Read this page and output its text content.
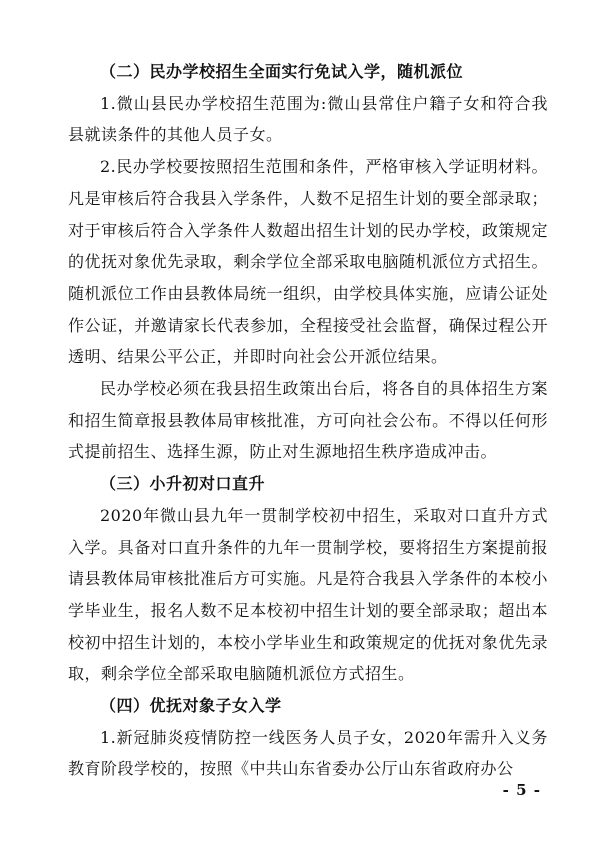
（二）民办学校招生全面实行免试入学，随机派位

1.微山县民办学校招生范围为:微山县常住户籍子女和符合我县就读条件的其他人员子女。

2.民办学校要按照招生范围和条件，严格审核入学证明材料。凡是审核后符合我县入学条件，人数不足招生计划的要全部录取；对于审核后符合入学条件人数超出招生计划的民办学校，政策规定的优抚对象优先录取，剩余学位全部采取电脑随机派位方式招生。随机派位工作由县教体局统一组织，由学校具体实施，应请公证处作公证，并邀请家长代表参加，全程接受社会监督，确保过程公开透明、结果公平公正，并即时向社会公开派位结果。

民办学校必须在我县招生政策出台后，将各自的具体招生方案和招生简章报县教体局审核批准，方可向社会公布。不得以任何形式提前招生、选择生源，防止对生源地招生秩序造成冲击。

（三）小升初对口直升

2020年微山县九年一贯制学校初中招生，采取对口直升方式入学。具备对口直升条件的九年一贯制学校，要将招生方案提前报请县教体局审核批准后方可实施。凡是符合我县入学条件的本校小学毕业生，报名人数不足本校初中招生计划的要全部录取；超出本校初中招生计划的，本校小学毕业生和政策规定的优抚对象优先录取，剩余学位全部采取电脑随机派位方式招生。

（四）优抚对象子女入学

1.新冠肺炎疫情防控一线医务人员子女，2020年需升入义务教育阶段学校的，按照《中共山东省委办公厅山东省政府办公

- 5 -
